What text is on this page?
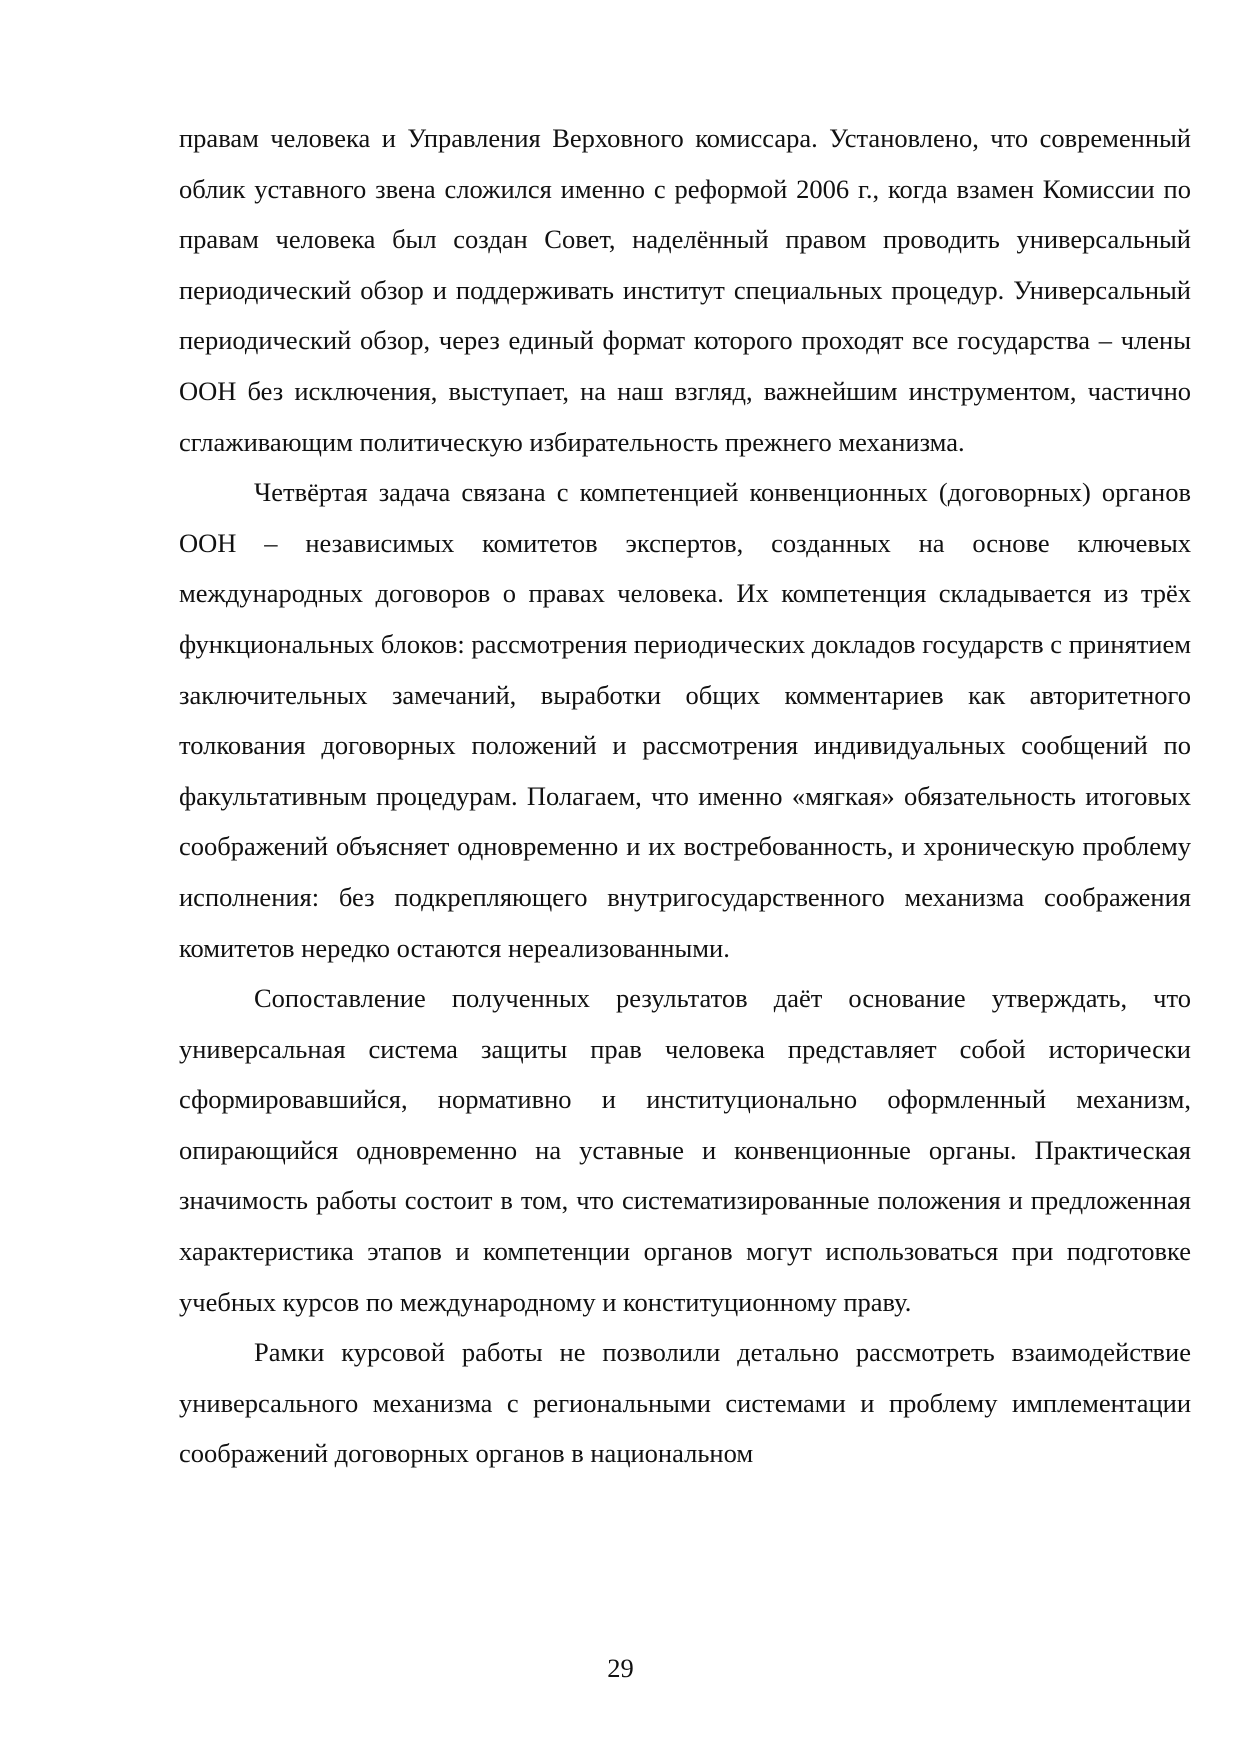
правам человека и Управления Верховного комиссара. Установлено, что современный облик уставного звена сложился именно с реформой 2006 г., когда взамен Комиссии по правам человека был создан Совет, наделённый правом проводить универсальный периодический обзор и поддерживать институт специальных процедур. Универсальный периодический обзор, через единый формат которого проходят все государства – члены ООН без исключения, выступает, на наш взгляд, важнейшим инструментом, частично сглаживающим политическую избирательность прежнего механизма.

Четвёртая задача связана с компетенцией конвенционных (договорных) органов ООН – независимых комитетов экспертов, созданных на основе ключевых международных договоров о правах человека. Их компетенция складывается из трёх функциональных блоков: рассмотрения периодических докладов государств с принятием заключительных замечаний, выработки общих комментариев как авторитетного толкования договорных положений и рассмотрения индивидуальных сообщений по факультативным процедурам. Полагаем, что именно «мягкая» обязательность итоговых соображений объясняет одновременно и их востребованность, и хроническую проблему исполнения: без подкрепляющего внутригосударственного механизма соображения комитетов нередко остаются нереализованными.

Сопоставление полученных результатов даёт основание утверждать, что универсальная система защиты прав человека представляет собой исторически сформировавшийся, нормативно и институционально оформленный механизм, опирающийся одновременно на уставные и конвенционные органы. Практическая значимость работы состоит в том, что систематизированные положения и предложенная характеристика этапов и компетенции органов могут использоваться при подготовке учебных курсов по международному и конституционному праву.

Рамки курсовой работы не позволили детально рассмотреть взаимодействие универсального механизма с региональными системами и проблему имплементации соображений договорных органов в национальном

29
